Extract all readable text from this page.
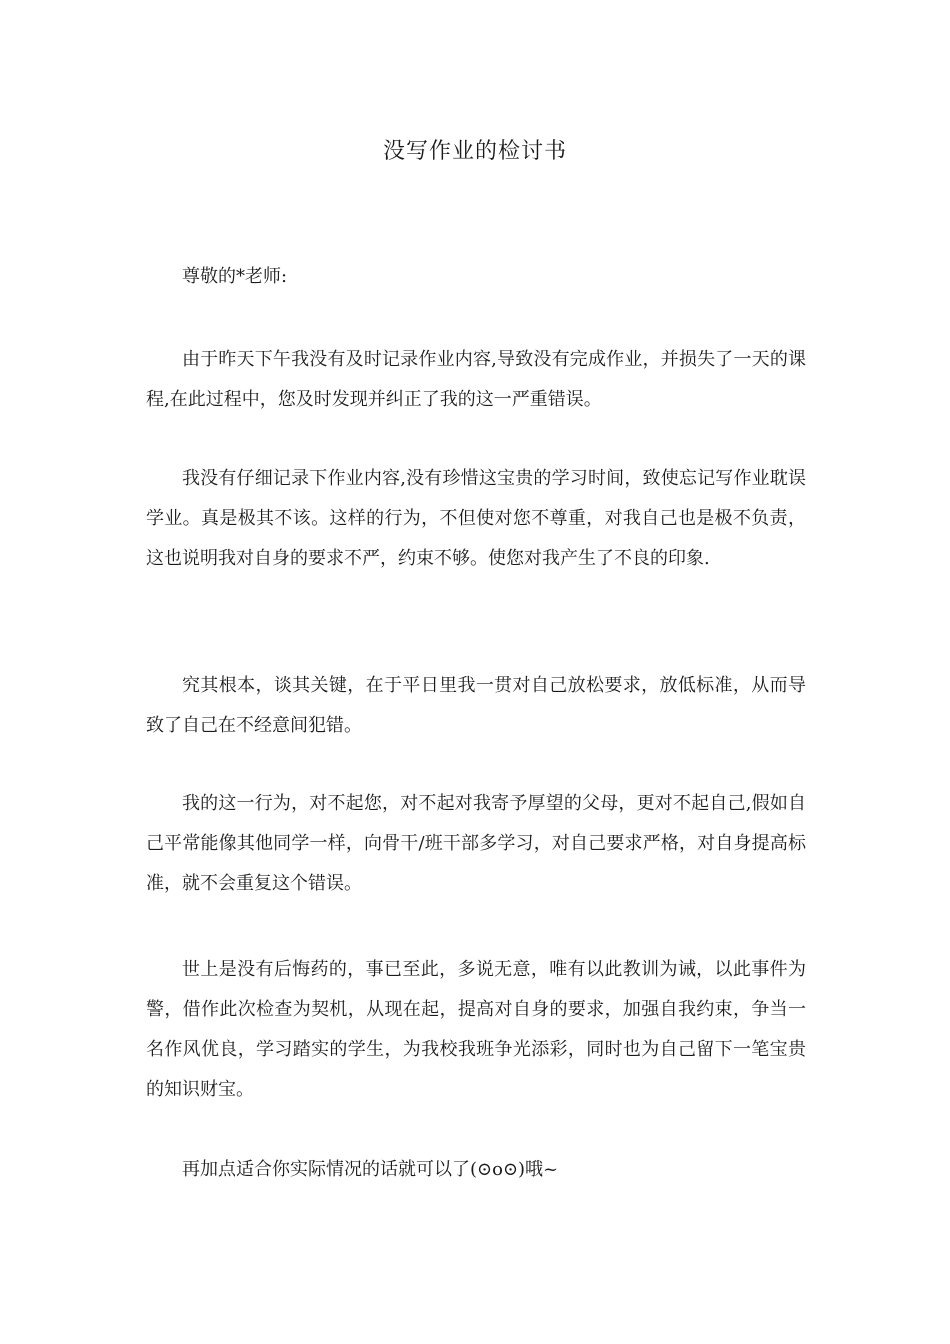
没写作业的检讨书
尊敬的*老师:

由于昨天下午我没有及时记录作业内容,导致没有完成作业，并损失了一天的课程,在此过程中，您及时发现并纠正了我的这一严重错误。

我没有仔细记录下作业内容,没有珍惜这宝贵的学习时间，致使忘记写作业耽误学业。真是极其不该。这样的行为，不但使对您不尊重，对我自己也是极不负责，这也说明我对自身的要求不严，约束不够。使您对我产生了不良的印象.

究其根本，谈其关键，在于平日里我一贯对自己放松要求，放低标准，从而导致了自己在不经意间犯错。

我的这一行为，对不起您，对不起对我寄予厚望的父母，更对不起自己,假如自己平常能像其他同学一样，向骨干/班干部多学习，对自己要求严格，对自身提高标准，就不会重复这个错误。

世上是没有后悔药的，事已至此，多说无意，唯有以此教训为诫，以此事件为警，借作此次检查为契机，从现在起，提高对自身的要求，加强自我约束，争当一名作风优良，学习踏实的学生，为我校我班争光添彩，同时也为自己留下一笔宝贵的知识财宝。

再加点适合你实际情况的话就可以了(⊙o⊙)哦~
